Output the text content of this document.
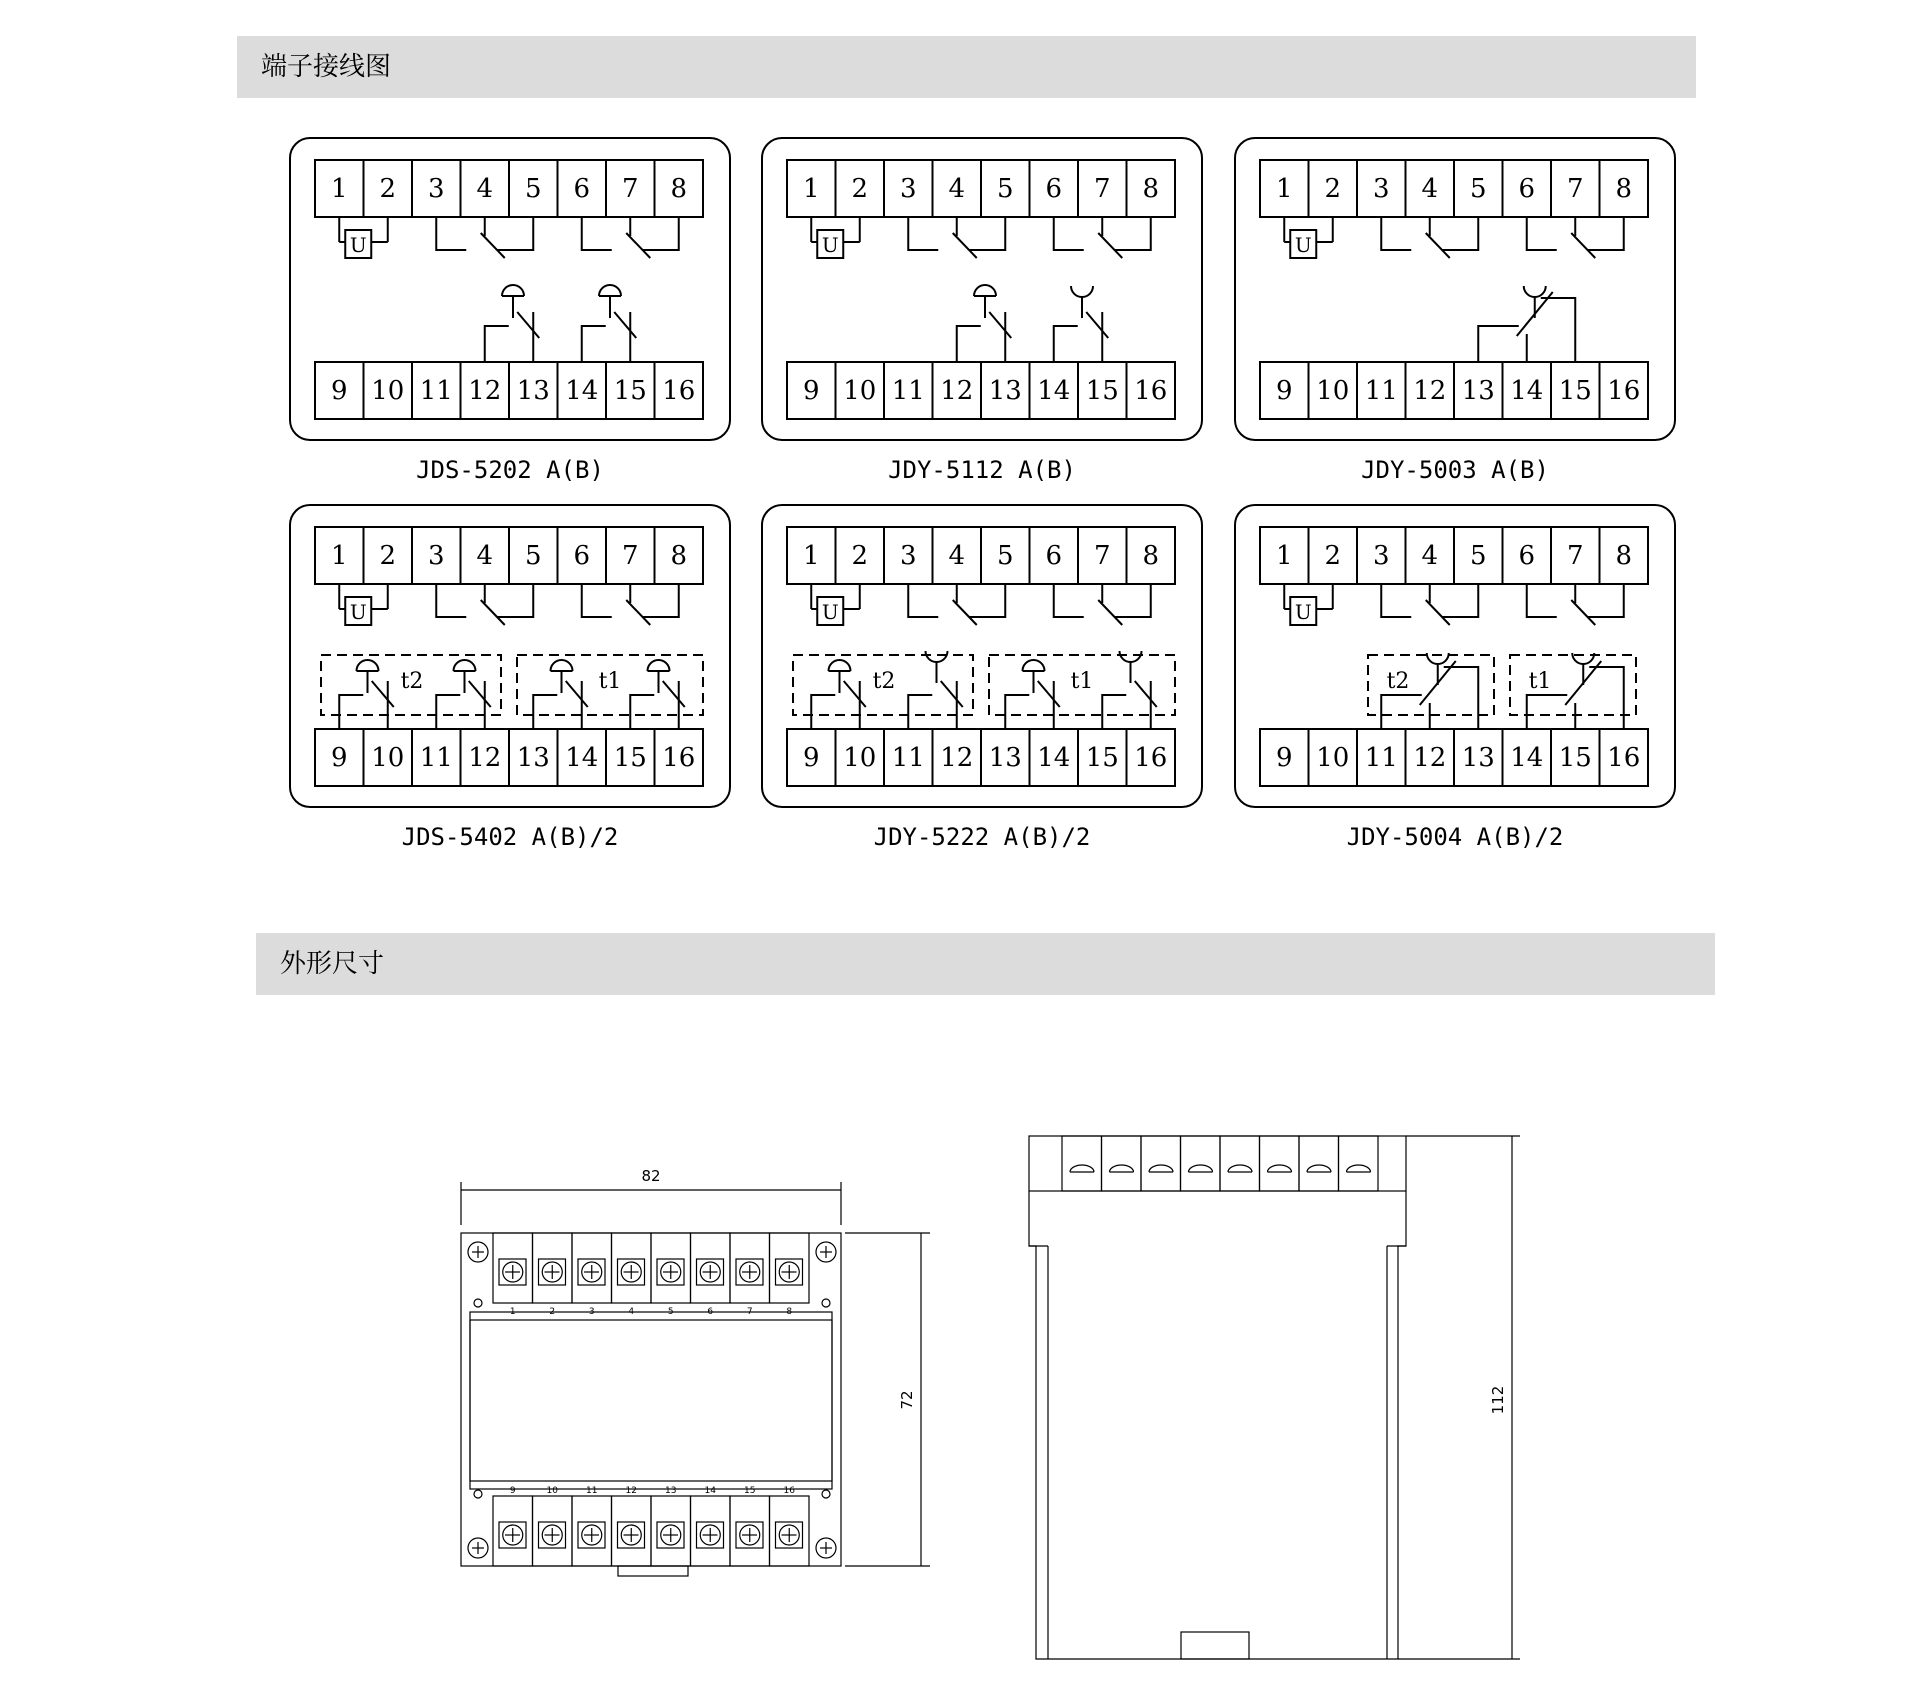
端子接线图
外形尺寸
1 2 3 4 5 6 7 8
9 10 11 12 13 14 15 16
U
JDS-5202 A(B)
1 2 3 4 5 6 7 8
9 10 11 12 13 14 15 16
U
JDY-5112 A(B)
1 2 3 4 5 6 7 8
9 10 11 12 13 14 15 16
U
JDY-5003 A(B)
1 2 3 4 5 6 7 8
9 10 11 12 13 14 15 16
U
JDS-5402 A(B)/2
t2	t1
1 2 3 4 5 6 7 8
9 10 11 12 13 14 15 16
U
JDY-5222 A(B)/2
t2	t1
1 2 3 4 5 6 7 8
9 10 11 12 13 14 15 16
U
JDY-5004 A(B)/2
t2	t1
1	2	3	4	5	6	7	8
9	10	11	12	13	14	15	16
82
72	112
